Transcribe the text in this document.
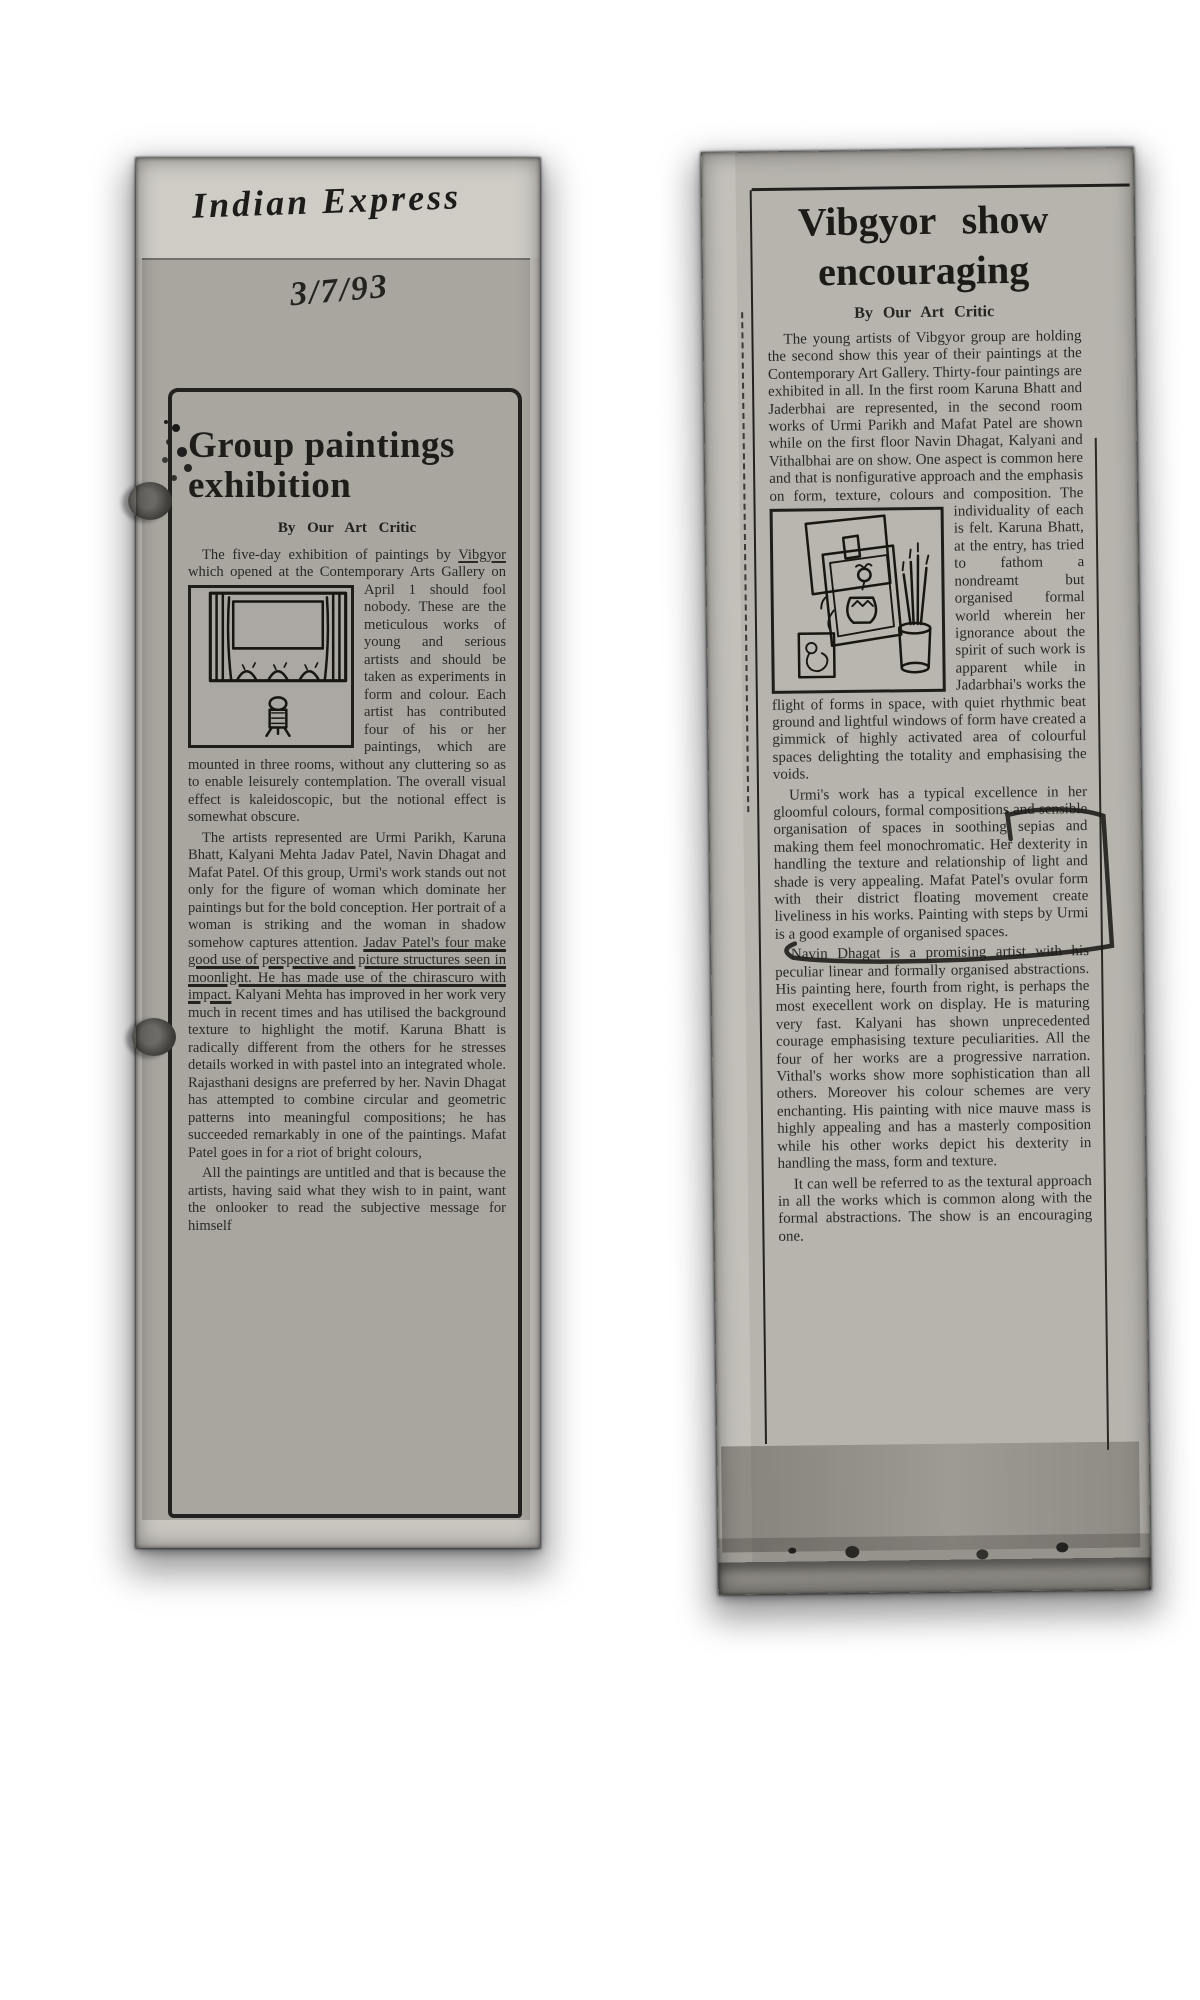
Indian Express
3/7/93
Group paintings exhibition
By Our Art Critic

The five-day exhibition of paintings by Vibgyor which opened at the Contemporary Arts Gallery on
April 1 should fool nobody. These are the meticulous works of young and serious artists and should be taken as experiments in form and colour. Each artist has contributed four of his or her paintings, which are mounted in three rooms, without any cluttering so as to enable leisurely contemplation. The overall visual effect is kaleidoscopic, but the notional effect is somewhat obscure.

The artists represented are Urmi Parikh, Karuna Bhatt, Kalyani Mehta Jadav Patel, Navin Dhagat and Mafat Patel. Of this group, Urmi's work stands out not only for the figure of woman which dominate her paintings but for the bold conception. Her portrait of a woman is striking and the woman in shadow somehow captures attention. Jadav Patel's four make good use of perspective and picture structures seen in moonlight. He has made use of the chirascuro with impact. Kalyani Mehta has improved in her work very much in recent times and has utilised the background texture to highlight the motif. Karuna Bhatt is radically different from the others for he stresses details worked in with pastel into an integrated whole. Rajasthani designs are preferred by her. Navin Dhagat has attempted to combine circular and geometric patterns into meaningful compositions; he has succeeded remarkably in one of the paintings. Mafat Patel goes in for a riot of bright colours,

All the paintings are untitled and that is because the artists, having said what they wish to in paint, want the onlooker to read the subjective message for himself

Vibgyor show
encouraging
By Our Art Critic

The young artists of Vibgyor group are holding the second show this year of their paintings at the Contemporary Art Gallery. Thirty-four paintings are exhibited in all. In the first room Karuna Bhatt and Jaderbhai are represented, in the second room works of Urmi Parikh and Mafat Patel are shown while on the first floor Navin Dhagat, Kalyani and Vithalbhai are on show. One aspect is common here and that is nonfigurative approach and the emphasis on form, texture, colours and composition. The individuality of each is felt. Karuna Bhatt, at the entry, has tried to fathom a nondreamt but organised formal world wherein her ignorance about the spirit of such work is apparent while in Jadarbhai's works the flight of forms in space, with quiet rhythmic beat ground and lightful windows of form have created a gimmick of highly activated area of colourful spaces delighting the totality and emphasising the voids.

Urmi's work has a typical excellence in her gloomful colours, formal compositions and sensible organisation of spaces in soothing sepias and making them feel monochromatic. Her dexterity in handling the texture and relationship of light and shade is very appealing. Mafat Patel's ovular form with their district floating movement create liveliness in his works. Painting with steps by Urmi is a good example of organised spaces.

Navin Dhagat is a promising artist with his peculiar linear and formally organised abstractions. His painting here, fourth from right, is perhaps the most execellent work on display. He is maturing very fast. Kalyani has shown unprecedented courage emphasising texture peculiarities. All the four of her works are a progressive narration. Vithal's works show more sophistication than all others. Moreover his colour schemes are very enchanting. His painting with nice mauve mass is highly appealing and has a masterly composition while his other works depict his dexterity in handling the mass, form and texture.

It can well be referred to as the textural approach in all the works which is common along with the formal abstractions. The show is an encouraging one.
